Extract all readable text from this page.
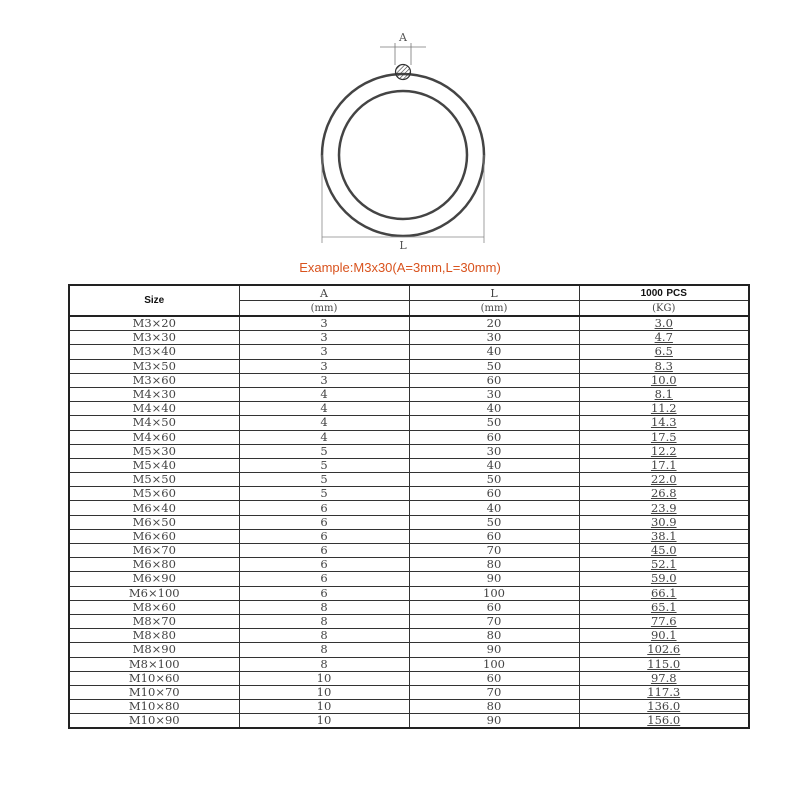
A
L
Example:M3x30(A=3mm,L=30mm)
Size	A	L	1000 PCS
	(mm)	(mm)	(KG)
M3×20	3	20	3.0
M3×30	3	30	4.7
M3×40	3	40	6.5
M3×50	3	50	8.3
M3×60	3	60	10.0
M4×30	4	30	8.1
M4×40	4	40	11.2
M4×50	4	50	14.3
M4×60	4	60	17.5
M5×30	5	30	12.2
M5×40	5	40	17.1
M5×50	5	50	22.0
M5×60	5	60	26.8
M6×40	6	40	23.9
M6×50	6	50	30.9
M6×60	6	60	38.1
M6×70	6	70	45.0
M6×80	6	80	52.1
M6×90	6	90	59.0
M6×100	6	100	66.1
M8×60	8	60	65.1
M8×70	8	70	77.6
M8×80	8	80	90.1
M8×90	8	90	102.6
M8×100	8	100	115.0
M10×60	10	60	97.8
M10×70	10	70	117.3
M10×80	10	80	136.0
M10×90	10	90	156.0
